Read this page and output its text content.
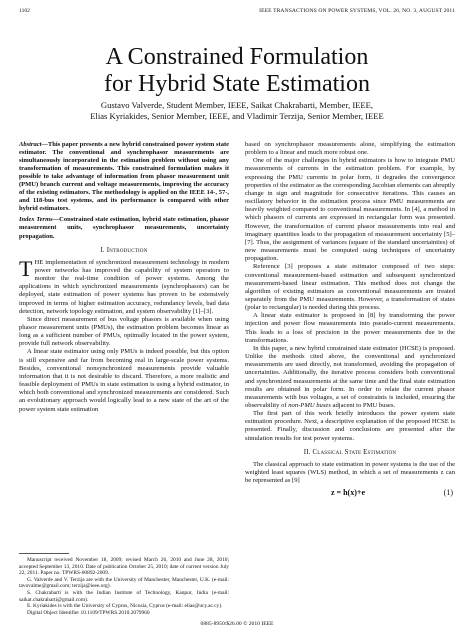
1102	IEEE TRANSACTIONS ON POWER SYSTEMS, VOL. 26, NO. 3, AUGUST 2011
A Constrained Formulation
for Hybrid State Estimation
Gustavo Valverde, Student Member, IEEE, Saikat Chakrabarti, Member, IEEE,
Elias Kyriakides, Senior Member, IEEE, and Vladimir Terzija, Senior Member, IEEE

Abstract—This paper presents a new hybrid constrained power system state estimator. The conventional and synchrophasor measurements are simultaneously incorporated in the estimation problem without using any transformation of measurements. This constrained formulation makes it possible to take advantage of information from phasor measurement unit (PMU) branch current and voltage measurements, improving the accuracy of the existing estimators. The methodology is applied on the IEEE 14-, 57-, and 118-bus test systems, and its performance is compared with other hybrid estimators.

Index Terms—Constrained state estimation, hybrid state estimation, phasor measurement units, synchrophasor measurements, uncertainty propagation.

I. Introduction

THE implementation of synchronized measurement technology in modern power networks has improved the capability of system operators to monitor the real-time condition of power systems. Among the applications in which synchronized measurements (synchrophasors) can be deployed, state estimation of power systems has proven to be extensively improved in terms of higher estimation accuracy, redundancy levels, bad data detection, network topology estimation, and system observability [1]–[3].

Since direct measurement of bus voltage phasors is available when using phasor measurement units (PMUs), the estimation problem becomes linear as long as a sufficient number of PMUs, optimally located in the power system, provide full network observability.

A linear state estimator using only PMUs is indeed possible, but this option is still expensive and far from becoming real in large-scale power systems. Besides, conventional nonsynchronized measurements provide valuable information that it is not desirable to discard. Therefore, a more realistic and feasible deployment of PMUs in state estimation is using a hybrid estimator, in which both conventional and synchronized measurements are considered. Such an evolutionary approach would logically lead to a new state of the art of the power system state estimation

Manuscript received November 18, 2009; revised March 26, 2010 and June 28, 2010; accepted September 13, 2010. Date of publication October 25, 2010; date of current version July 22, 2011. Paper no. TPWRS-00892-2009.

G. Valverde and V. Terzija are with the University of Manchester, Manchester, U.K. (e-mail: tavovalme@gmail.com; terzija@ieee.org).

S. Chakrabarti is with the Indian Institute of Technology, Kanpur, India (e-mail: saikat.chakrabarti@gmail.com).

E. Kyriakides is with the University of Cyprus, Nicosia, Cyprus (e-mail: elias@ucy.ac.cy).

Digital Object Identifier 10.1109/TPWRS.2010.2079960

based on synchrophasor measurements alone, simplifying the estimation problem to a linear and much more robust one.

One of the major challenges in hybrid estimators is how to integrate PMU measurements of currents in the estimation problem. For example, by expressing the PMU currents in polar form, it degrades the convergence properties of the estimator as the corresponding Jacobian elements can abruptly change in sign and magnitude for consecutive iterations. This causes an oscillatory behavior in the estimation process since PMU measurements are heavily weighted compared to conventional measurements. In [4], a method in which phasors of currents are expressed in rectangular form was presented. However, the transformation of current phasor measurements into real and imaginary quantities leads to the propagation of measurement uncertainty [5]–[7]. Thus, the assignment of variances (square of the standard uncertainties) of new measurements must be computed using techniques of uncertainty propagation.

Reference [3] proposes a state estimator composed of two steps: conventional measurement-based estimation and subsequent synchronized measurement-based linear estimation. This method does not change the algorithm of existing estimators as conventional measurements are treated separately from the PMU measurements. However, a transformation of states (polar to rectangular) is needed during this process.

A linear state estimator is proposed in [8] by transforming the power injection and power flow measurements into pseudo-current measurements. This leads to a loss of precision in the power measurements due to the transformations.

In this paper, a new hybrid constrained state estimator (HCSE) is proposed. Unlike the methods cited above, the conventional and synchronized measurements are used directly, not transformed, avoiding the propagation of uncertainties. Additionally, the iterative process considers both conventional and synchronized measurements at the same time and the final state estimation results are obtained in polar form. In order to relate the current phasor measurements with bus voltages, a set of constraints is included, ensuring the observability of non-PMU buses adjacent to PMU buses.

The first part of this work briefly introduces the power system state estimation procedure. Next, a descriptive explanation of the proposed HCSE is presented. Finally, discussion and conclusions are presented after the simulation results for test power systems.

II. Classical State Estimation

The classical approach to state estimation in power systems is the use of the weighted least squares (WLS) method, in which a set of measurements z can be represented as [9]

z = h(x)+e	(1)
0885-8950/$26.00 © 2010 IEEE
